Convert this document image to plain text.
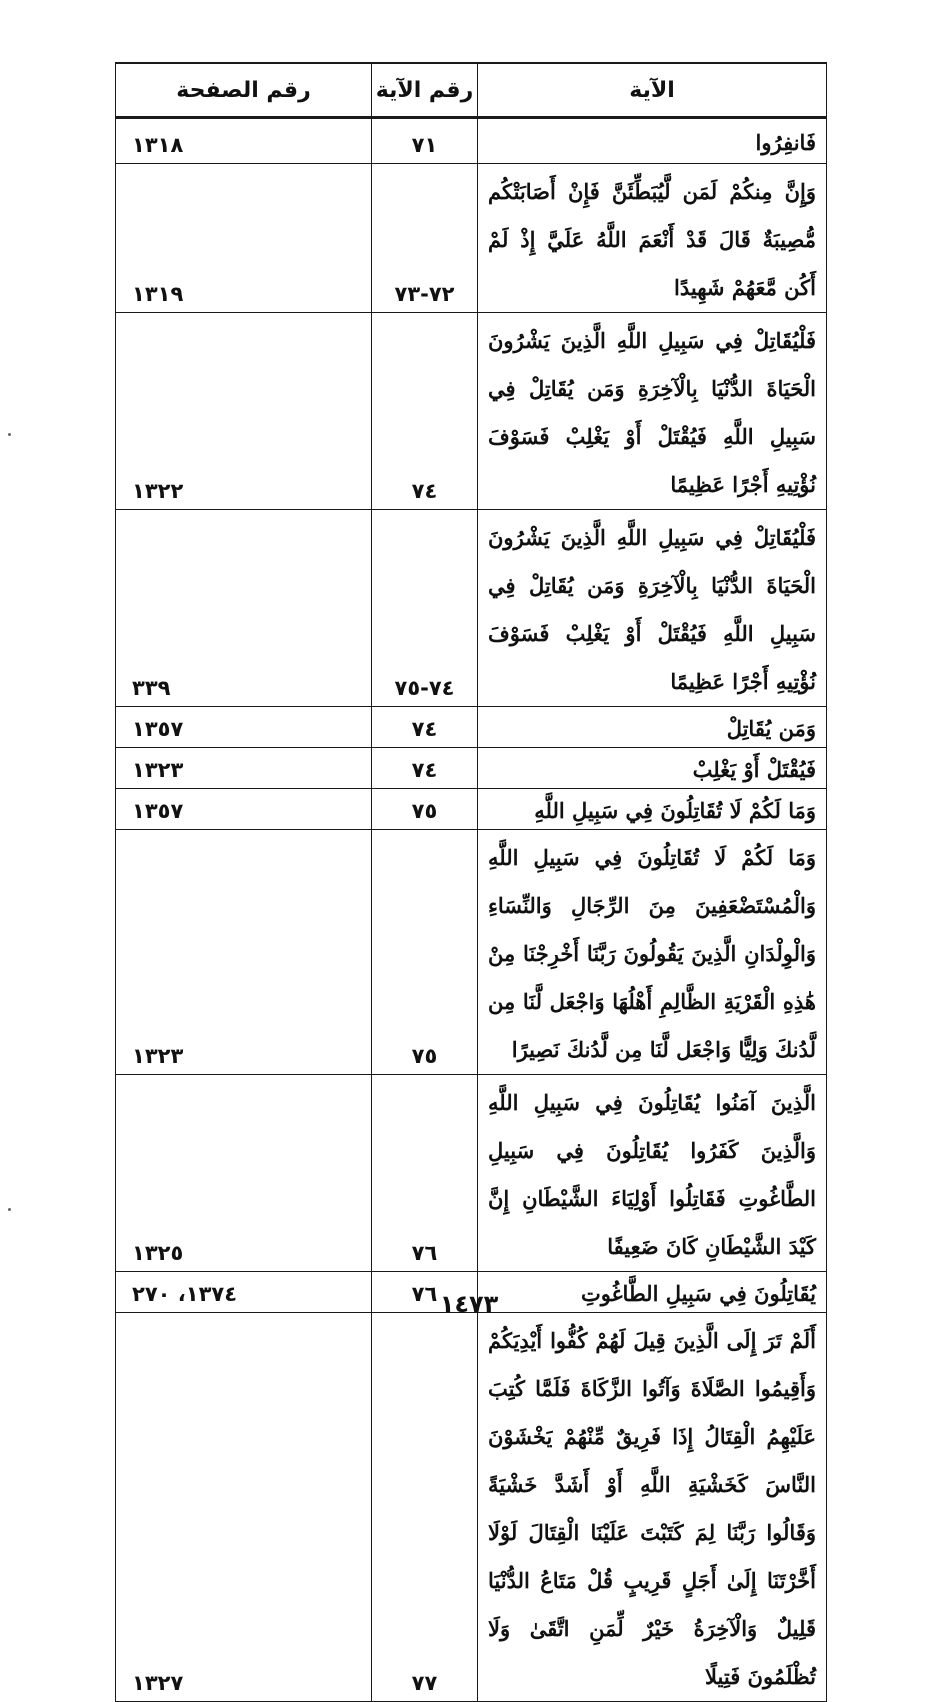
الآية	رقم الآية	رقم الصفحة
فَانفِرُوا	٧١	١٣١٨
وَإِنَّ مِنكُمْ لَمَن لَّيُبَطِّئَنَّ فَإِنْ أَصَابَتْكُم مُّصِيبَةٌ قَالَ قَدْ أَنْعَمَ اللَّهُ عَلَيَّ إِذْ لَمْ أَكُن مَّعَهُمْ شَهِيدًا	٧٢-٧٣	١٣١٩
فَلْيُقَاتِلْ فِي سَبِيلِ اللَّهِ الَّذِينَ يَشْرُونَ الْحَيَاةَ الدُّنْيَا بِالْآخِرَةِ وَمَن يُقَاتِلْ فِي سَبِيلِ اللَّهِ فَيُقْتَلْ أَوْ يَغْلِبْ فَسَوْفَ نُؤْتِيهِ أَجْرًا عَظِيمًا	٧٤	١٣٢٢
فَلْيُقَاتِلْ فِي سَبِيلِ اللَّهِ الَّذِينَ يَشْرُونَ الْحَيَاةَ الدُّنْيَا بِالْآخِرَةِ وَمَن يُقَاتِلْ فِي سَبِيلِ اللَّهِ فَيُقْتَلْ أَوْ يَغْلِبْ فَسَوْفَ نُؤْتِيهِ أَجْرًا عَظِيمًا	٧٤-٧٥	٣٣٩
وَمَن يُقَاتِلْ	٧٤	١٣٥٧
فَيُقْتَلْ أَوْ يَغْلِبْ	٧٤	١٣٢٣
وَمَا لَكُمْ لَا تُقَاتِلُونَ فِي سَبِيلِ اللَّهِ	٧٥	١٣٥٧
وَمَا لَكُمْ لَا تُقَاتِلُونَ فِي سَبِيلِ اللَّهِ وَالْمُسْتَضْعَفِينَ مِنَ الرِّجَالِ وَالنِّسَاءِ وَالْوِلْدَانِ الَّذِينَ يَقُولُونَ رَبَّنَا أَخْرِجْنَا مِنْ هَٰذِهِ الْقَرْيَةِ الظَّالِمِ أَهْلُهَا وَاجْعَل لَّنَا مِن لَّدُنكَ وَلِيًّا وَاجْعَل لَّنَا مِن لَّدُنكَ نَصِيرًا	٧٥	١٣٢٣
الَّذِينَ آمَنُوا يُقَاتِلُونَ فِي سَبِيلِ اللَّهِ وَالَّذِينَ كَفَرُوا يُقَاتِلُونَ فِي سَبِيلِ الطَّاغُوتِ فَقَاتِلُوا أَوْلِيَاءَ الشَّيْطَانِ إِنَّ كَيْدَ الشَّيْطَانِ كَانَ ضَعِيفًا	٧٦	١٣٢٥
يُقَاتِلُونَ فِي سَبِيلِ الطَّاغُوتِ	٧٦	١٣٧٤، ٢٧٠
أَلَمْ تَرَ إِلَى الَّذِينَ قِيلَ لَهُمْ كُفُّوا أَيْدِيَكُمْ وَأَقِيمُوا الصَّلَاةَ وَآتُوا الزَّكَاةَ فَلَمَّا كُتِبَ عَلَيْهِمُ الْقِتَالُ إِذَا فَرِيقٌ مِّنْهُمْ يَخْشَوْنَ النَّاسَ كَخَشْيَةِ اللَّهِ أَوْ أَشَدَّ خَشْيَةً وَقَالُوا رَبَّنَا لِمَ كَتَبْتَ عَلَيْنَا الْقِتَالَ لَوْلَا أَخَّرْتَنَا إِلَىٰ أَجَلٍ قَرِيبٍ قُلْ مَتَاعُ الدُّنْيَا قَلِيلٌ وَالْآخِرَةُ خَيْرٌ لِّمَنِ اتَّقَىٰ وَلَا تُظْلَمُونَ فَتِيلًا	٧٧	١٣٢٧
١٤٧٣
